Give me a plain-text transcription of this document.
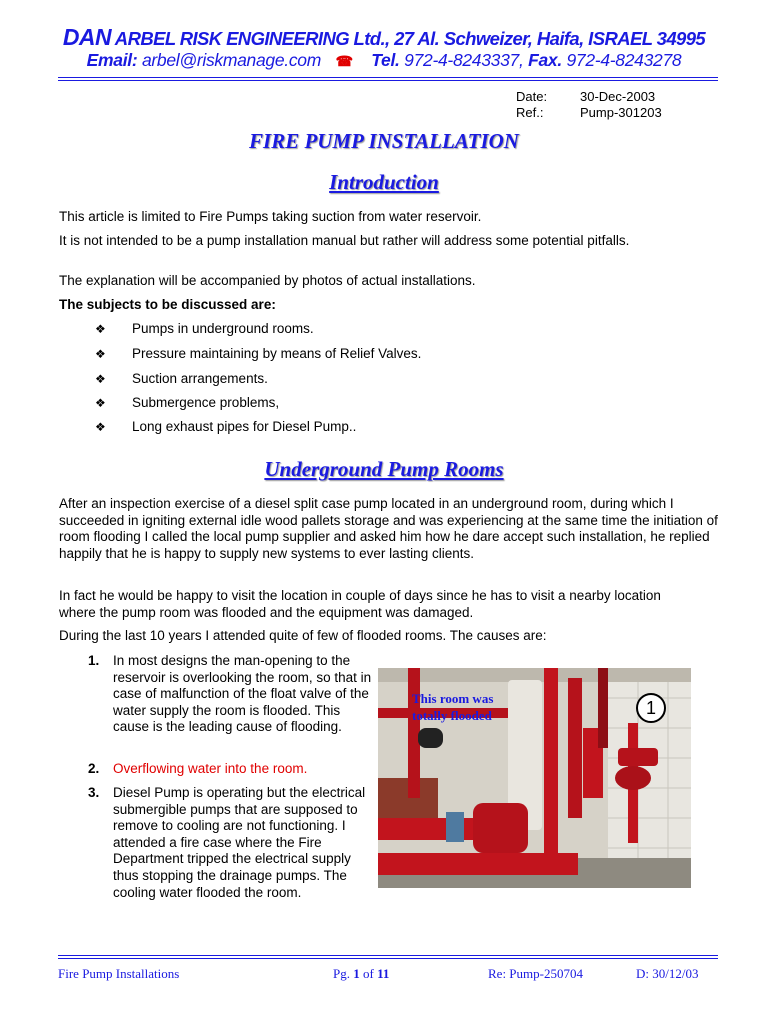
DAN ARBEL RISK ENGINEERING Ltd., 27 Al. Schweizer, Haifa, ISRAEL 34995
Email: arbel@riskmanage.com ☎ Tel. 972-4-8243337, Fax. 972-4-8243278
Date:	30-Dec-2003
Ref.:	Pump-301203
FIRE PUMP INSTALLATION
Introduction

This article is limited to Fire Pumps taking suction from water reservoir.

It is not intended to be a pump installation manual but rather will address some potential pitfalls.

The explanation will be accompanied by photos of actual installations.

The subjects to be discussed are:

❖ Pumps in underground rooms.
❖ Pressure maintaining by means of Relief Valves.
❖ Suction arrangements.
❖ Submergence problems,
❖ Long exhaust pipes for Diesel Pump..
Underground Pump Rooms

After an inspection exercise of a diesel split case pump located in an underground room, during which I succeeded in igniting external idle wood pallets storage and was experiencing at the same time the initiation of room flooding I called the local pump supplier and asked him how he dare accept such installation, he replied happily that he is happy to supply new systems to ever lasting clients.

In fact he would be happy to visit the location in couple of days since he has to visit a nearby location where the pump room was flooded and the equipment was damaged.

During the last 10 years I attended quite of few of flooded rooms. The causes are:

1. In most designs the man-opening to the reservoir is overlooking the room, so that in case of malfunction of the float valve of the water supply the room is flooded. This cause is the leading cause of flooding.
2. Overflowing water into the room.
3. Diesel Pump is operating but the electrical submergible pumps that are supposed to remove to cooling are not functioning. I attended a fire case where the Fire Department tripped the electrical supply thus stopping the drainage pumps. The cooling water flooded the room.
This room was totally flooded	1
Fire Pump Installations	Pg. 1 of 11	Re: Pump-250704	D: 30/12/03
